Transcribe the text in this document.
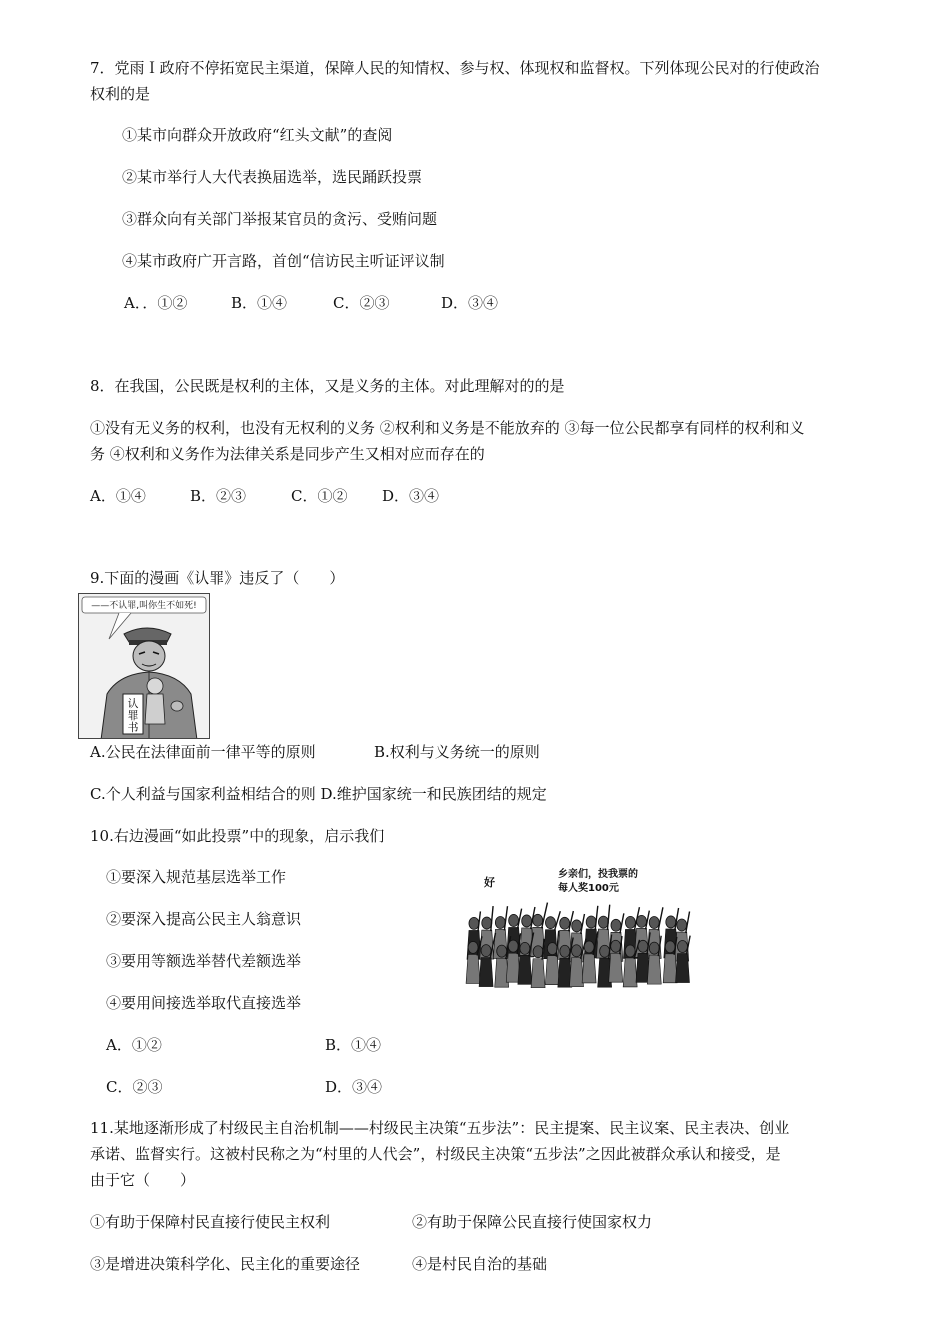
7．党雨Ｉ政府不停拓宽民主渠道，保障人民的知情权、参与权、体现权和监督权。下列体现公民对的行使政治
权利的是
①某市向群众开放政府“红头文献”的查阅
②某市举行人大代表换届选举，选民踊跃投票
③群众向有关部门举报某官员的贪污、受贿问题
④某市政府广开言路，首创“信访民主听证评议制
A．．①②	B．①④	C．②③	D．③④
8．在我国，公民既是权利的主体，又是义务的主体。对此理解对的的是
①没有无义务的权利，也没有无权利的义务 ②权利和义务是不能放弃的 ③每一位公民都享有同样的权利和义
务 ④权利和义务作为法律关系是同步产生又相对应而存在的
A．①④	B．②③	C．①② D．③④
9.下面的漫画《认罪》违反了（　　）
——不认罪,叫你生不如死!
认
罪
书
A.公民在法律面前一律平等的原则	B.权利与义务统一的原则
C.个人利益与国家利益相结合的则 D.维护国家统一和民族团结的规定
10.右边漫画“如此投票”中的现象，启示我们
①要深入规范基层选举工作
②要深入提高公民主人翁意识
③要用等额选举替代差额选举
④要用间接选举取代直接选举
A．①②	B．①④
C．②③	D．③④
乡亲们，投我票的
每人奖100元
好
11.某地逐渐形成了村级民主自治机制——村级民主决策“五步法”：民主提案、民主议案、民主表决、创业
承诺、监督实行。这被村民称之为“村里的人代会”，村级民主决策“五步法”之因此被群众承认和接受，是
由于它（　　）
①有助于保障村民直接行使民主权利	②有助于保障公民直接行使国家权力
③是增进决策科学化、民主化的重要途径	④是村民自治的基础
